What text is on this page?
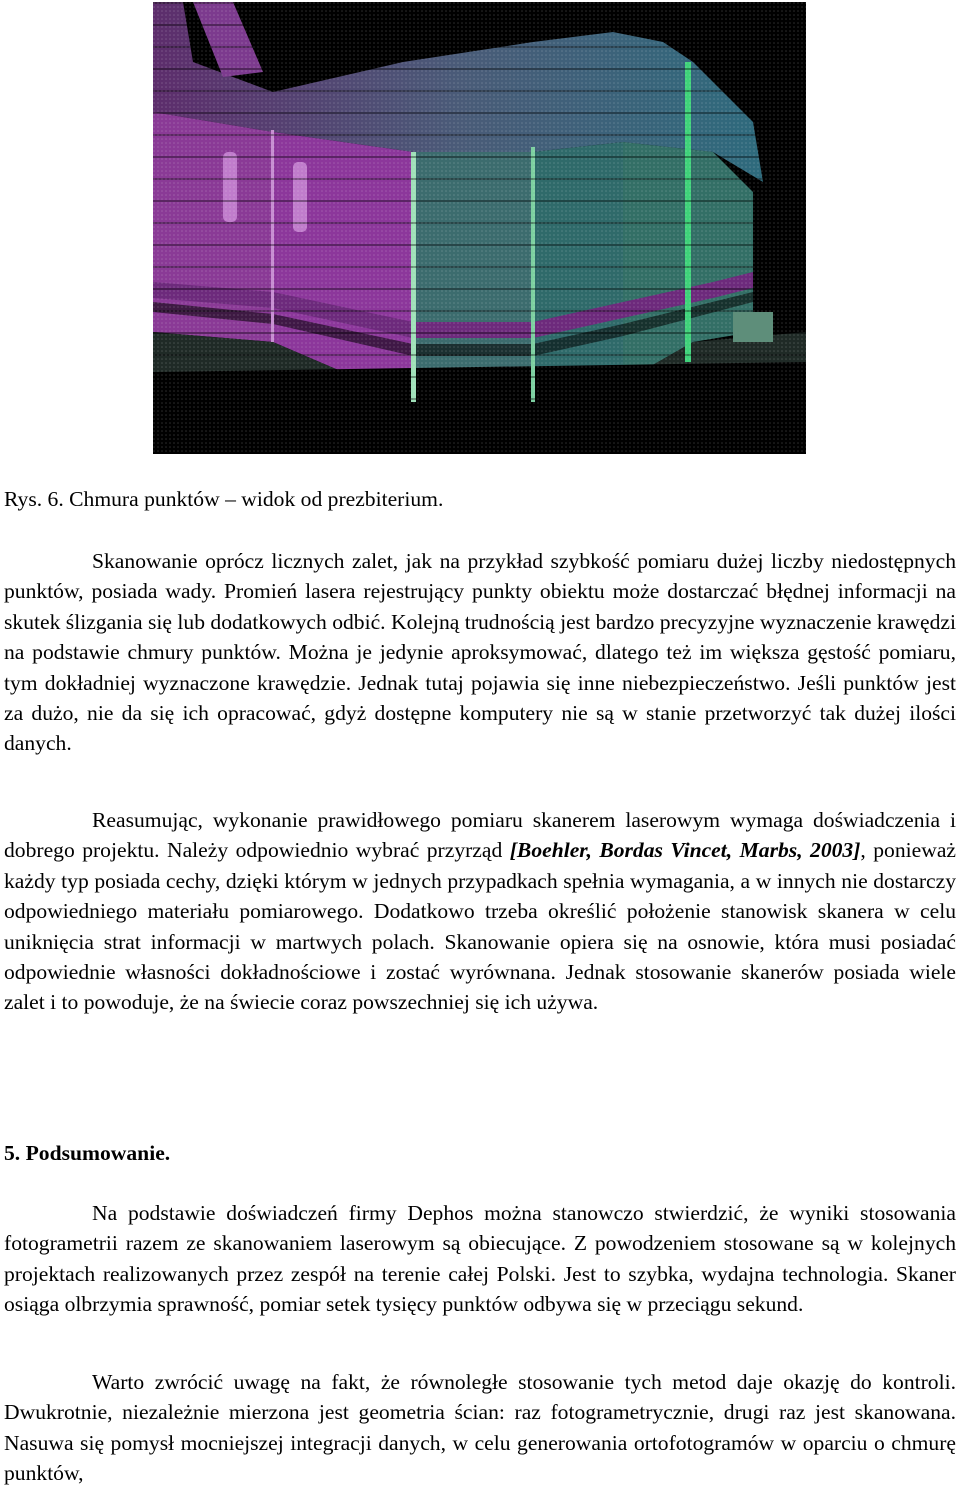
Rys. 6. Chmura punktów – widok od prezbiterium.
Skanowanie oprócz licznych zalet, jak na przykład szybkość pomiaru dużej liczby niedostępnych punktów, posiada wady. Promień lasera rejestrujący punkty obiektu może dostarczać błędnej informacji na skutek ślizgania się lub dodatkowych odbić. Kolejną trudnością jest bardzo precyzyjne wyznaczenie krawędzi na podstawie chmury punktów. Można je jedynie aproksymować, dlatego też im większa gęstość pomiaru, tym dokładniej wyznaczone krawędzie. Jednak tutaj pojawia się inne niebezpieczeństwo. Jeśli punktów jest za dużo, nie da się ich opracować, gdyż dostępne komputery nie są w stanie przetworzyć tak dużej ilości danych.
Reasumując, wykonanie prawidłowego pomiaru skanerem laserowym wymaga doświadczenia i dobrego projektu. Należy odpowiednio wybrać przyrząd [Boehler, Bordas Vincet, Marbs, 2003], ponieważ każdy typ posiada cechy, dzięki którym w jednych przypadkach spełnia wymagania, a w innych nie dostarczy odpowiedniego materiału pomiarowego. Dodatkowo trzeba określić położenie stanowisk skanera w celu uniknięcia strat informacji w martwych polach. Skanowanie opiera się na osnowie, która musi posiadać odpowiednie własności dokładnościowe i zostać wyrównana. Jednak stosowanie skanerów posiada wiele zalet i to powoduje, że na świecie coraz powszechniej się ich używa.
5. Podsumowanie.
Na podstawie doświadczeń firmy Dephos można stanowczo stwierdzić, że wyniki stosowania fotogrametrii razem ze skanowaniem laserowym są obiecujące. Z powodzeniem stosowane są w kolejnych projektach realizowanych przez zespół na terenie całej Polski. Jest to szybka, wydajna technologia. Skaner osiąga olbrzymia sprawność, pomiar setek tysięcy punktów odbywa się w przeciągu sekund.
Warto zwrócić uwagę na fakt, że równoległe stosowanie tych metod daje okazję do kontroli. Dwukrotnie, niezależnie mierzona jest geometria ścian: raz fotogrametrycznie, drugi raz jest skanowana. Nasuwa się pomysł mocniejszej integracji danych, w celu generowania ortofotogramów w oparciu o chmurę punktów,
